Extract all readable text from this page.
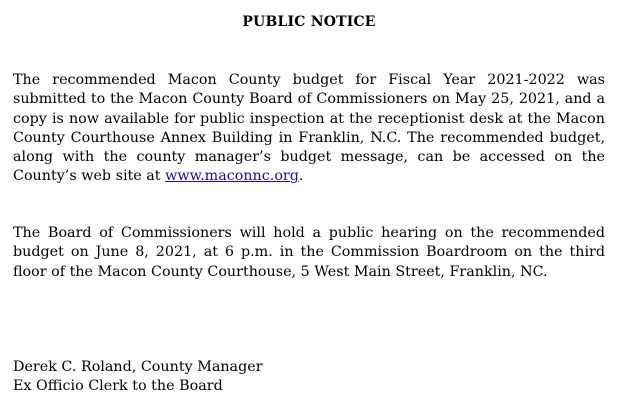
PUBLIC NOTICE

The recommended Macon County budget for Fiscal Year 2021-2022 was submitted to the Macon County Board of Commissioners on May 25, 2021, and a copy is now available for public inspection at the receptionist desk at the Macon County Courthouse Annex Building in Franklin, N.C. The recommended budget, along with the county manager’s budget message, can be accessed on the County’s web site at www.maconnc.org.

The Board of Commissioners will hold a public hearing on the recommended budget on June 8, 2021, at 6 p.m. in the Commission Boardroom on the third floor of the Macon County Courthouse, 5 West Main Street, Franklin, NC.

Derek C. Roland, County Manager
Ex Officio Clerk to the Board
